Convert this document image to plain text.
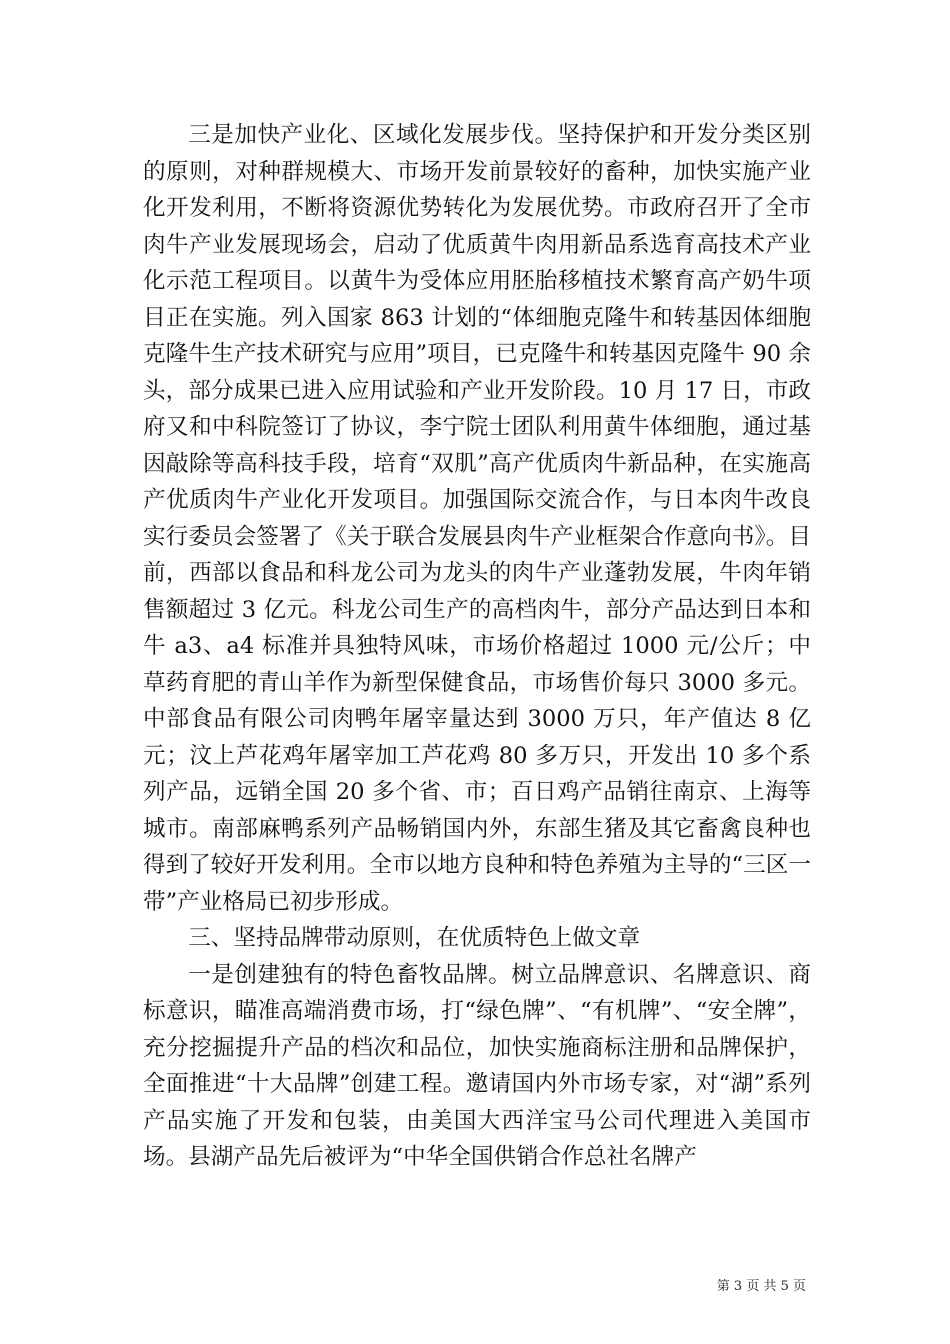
三是加快产业化、区域化发展步伐。坚持保护和开发分类区别的原则，对种群规模大、市场开发前景较好的畜种，加快实施产业化开发利用，不断将资源优势转化为发展优势。市政府召开了全市肉牛产业发展现场会，启动了优质黄牛肉用新品系选育高技术产业化示范工程项目。以黄牛为受体应用胚胎移植技术繁育高产奶牛项目正在实施。列入国家 863 计划的“体细胞克隆牛和转基因体细胞克隆牛生产技术研究与应用”项目，已克隆牛和转基因克隆牛 90 余头，部分成果已进入应用试验和产业开发阶段。10 月 17 日，市政府又和中科院签订了协议，李宁院士团队利用黄牛体细胞，通过基因敲除等高科技手段，培育“双肌”高产优质肉牛新品种，在实施高产优质肉牛产业化开发项目。加强国际交流合作，与日本肉牛改良实行委员会签署了《关于联合发展县肉牛产业框架合作意向书》。目前，西部以食品和科龙公司为龙头的肉牛产业蓬勃发展，牛肉年销售额超过 3 亿元。科龙公司生产的高档肉牛，部分产品达到日本和牛 a3、a4 标准并具独特风味，市场价格超过 1000 元/公斤；中草药育肥的青山羊作为新型保健食品，市场售价每只 3000 多元。中部食品有限公司肉鸭年屠宰量达到 3000 万只，年产值达 8 亿元；汶上芦花鸡年屠宰加工芦花鸡 80 多万只，开发出 10 多个系列产品，远销全国 20 多个省、市；百日鸡产品销往南京、上海等城市。南部麻鸭系列产品畅销国内外，东部生猪及其它畜禽良种也得到了较好开发利用。全市以地方良种和特色养殖为主导的“三区一带”产业格局已初步形成。

三、坚持品牌带动原则，在优质特色上做文章

一是创建独有的特色畜牧品牌。树立品牌意识、名牌意识、商标意识，瞄准高端消费市场，打“绿色牌”、“有机牌”、“安全牌”，充分挖掘提升产品的档次和品位，加快实施商标注册和品牌保护，全面推进“十大品牌”创建工程。邀请国内外市场专家，对“湖”系列产品实施了开发和包装，由美国大西洋宝马公司代理进入美国市场。县湖产品先后被评为“中华全国供销合作总社名牌产

第 3 页 共 5 页
